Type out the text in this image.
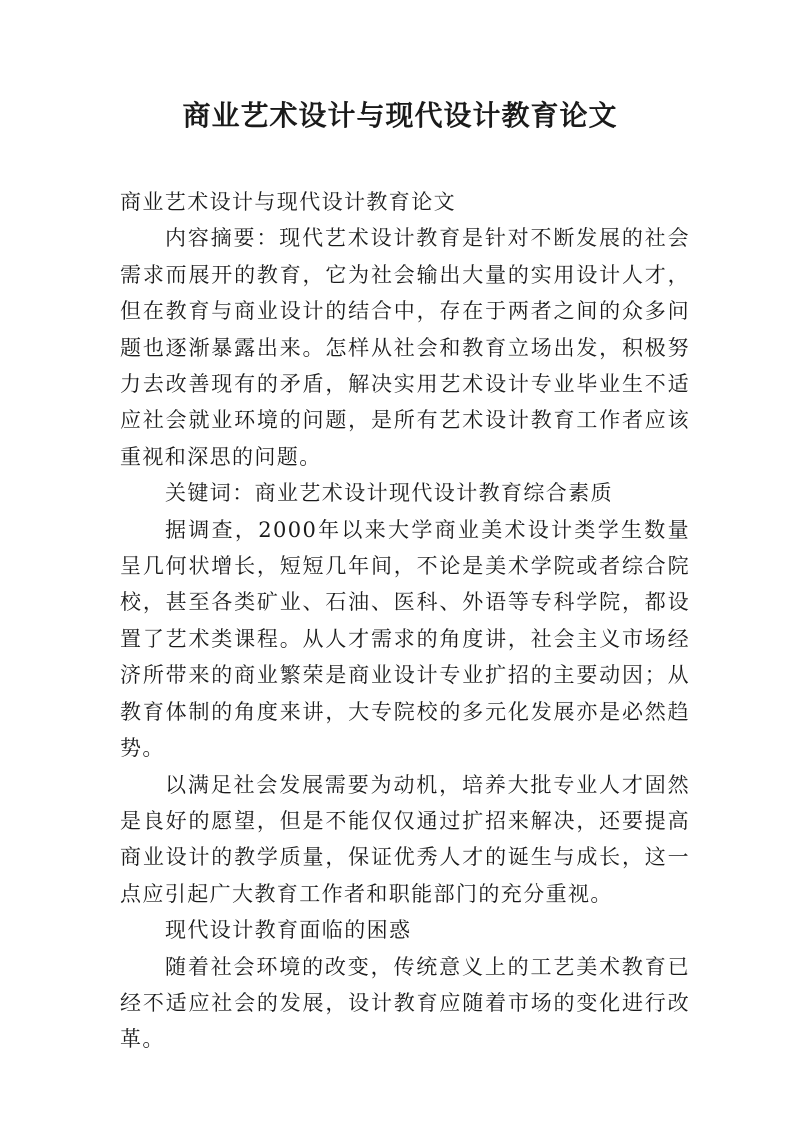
商业艺术设计与现代设计教育论文

商业艺术设计与现代设计教育论文

内容摘要：现代艺术设计教育是针对不断发展的社会需求而展开的教育，它为社会输出大量的实用设计人才，但在教育与商业设计的结合中，存在于两者之间的众多问题也逐渐暴露出来。怎样从社会和教育立场出发，积极努力去改善现有的矛盾，解决实用艺术设计专业毕业生不适应社会就业环境的问题，是所有艺术设计教育工作者应该重视和深思的问题。

关键词：商业艺术设计现代设计教育综合素质

据调查，2000年以来大学商业美术设计类学生数量呈几何状增长，短短几年间，不论是美术学院或者综合院校，甚至各类矿业、石油、医科、外语等专科学院，都设置了艺术类课程。从人才需求的角度讲，社会主义市场经济所带来的商业繁荣是商业设计专业扩招的主要动因；从教育体制的角度来讲，大专院校的多元化发展亦是必然趋势。

以满足社会发展需要为动机，培养大批专业人才固然是良好的愿望，但是不能仅仅通过扩招来解决，还要提高商业设计的教学质量，保证优秀人才的诞生与成长，这一点应引起广大教育工作者和职能部门的充分重视。

现代设计教育面临的困惑

随着社会环境的改变，传统意义上的工艺美术教育已经不适应社会的发展，设计教育应随着市场的变化进行改革。
